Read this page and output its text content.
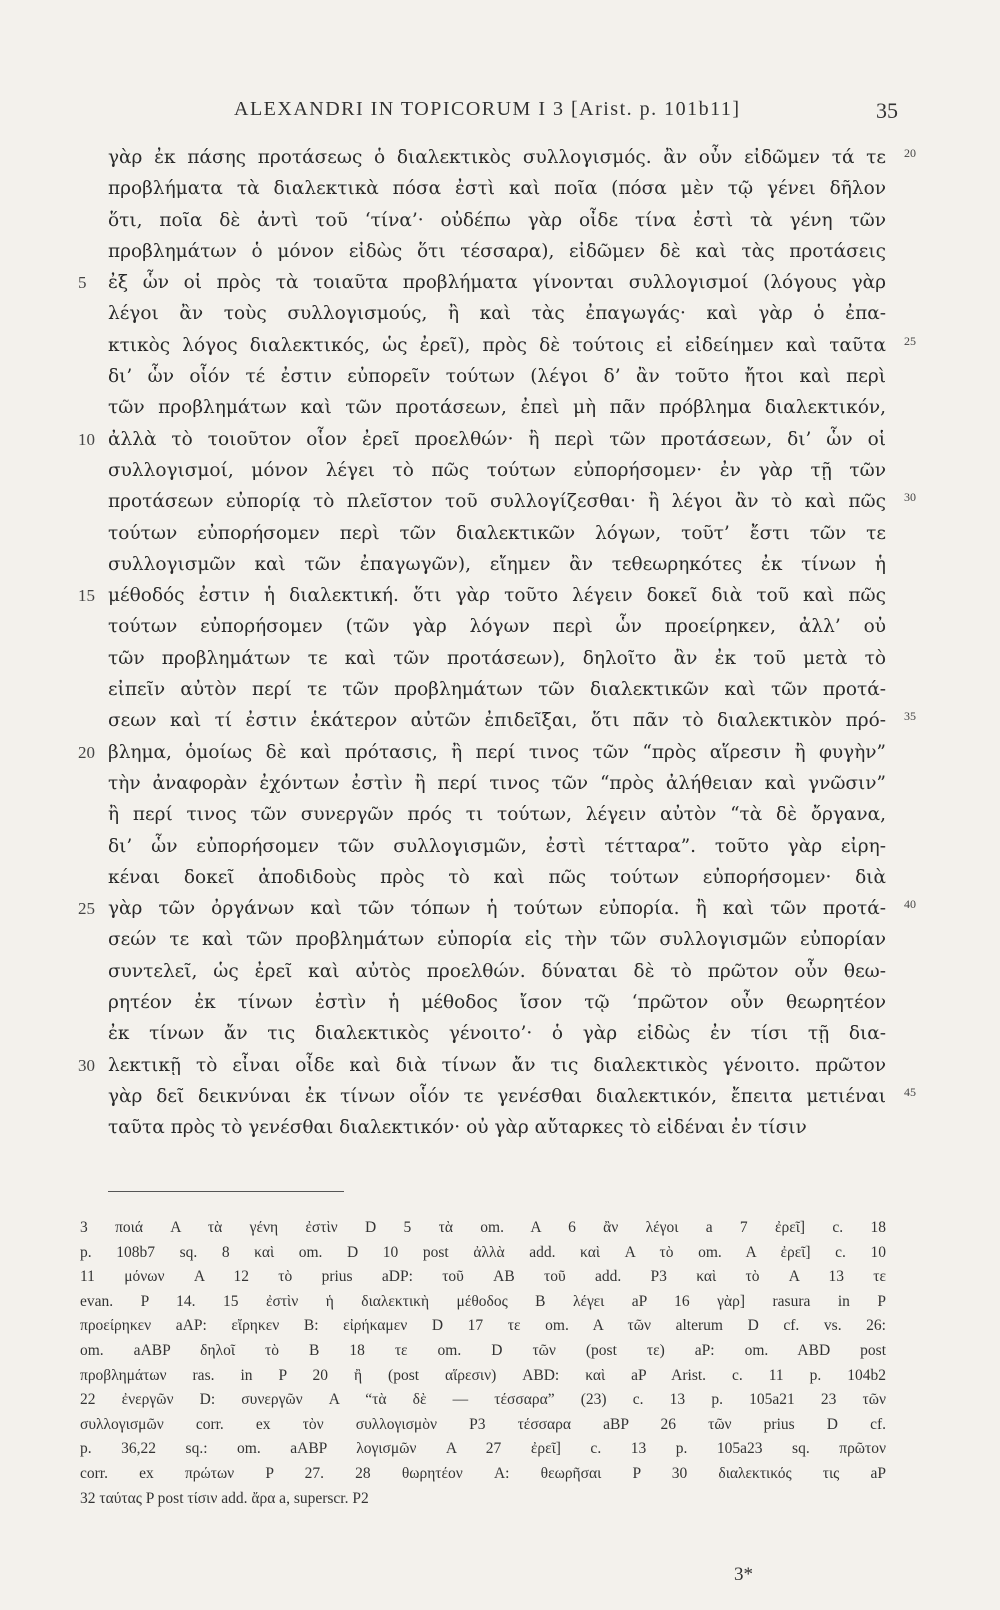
ALEXANDRI IN TOPICORUM I 3 [Arist. p. 101b11]	35
γὰρ ἐκ πάσης προτάσεως ὁ διαλεκτικὸς συλλογισμός. ἂν οὖν εἰδῶμεν τά τε 20
προβλήματα τὰ διαλεκτικὰ πόσα ἐστὶ καὶ ποῖα (πόσα μὲν τῷ γένει δῆλον
ὅτι, ποῖα δὲ ἀντὶ τοῦ ‘τίνα’· οὐδέπω γὰρ οἶδε τίνα ἐστὶ τὰ γένη τῶν
προβλημάτων ὁ μόνον εἰδὼς ὅτι τέσσαρα), εἰδῶμεν δὲ καὶ τὰς προτάσεις
ἐξ ὧν οἱ πρὸς τὰ τοιαῦτα προβλήματα γίνονται συλλογισμοί (λόγους γὰρ
5
λέγοι ἂν τοὺς συλλογισμούς, ἢ καὶ τὰς ἐπαγωγάς· καὶ γὰρ ὁ ἐπα-
κτικὸς λόγος διαλεκτικός, ὡς ἐρεῖ), πρὸς δὲ τούτοις εἰ εἰδείημεν καὶ ταῦτα 25
δι’ ὧν οἷόν τέ ἐστιν εὐπορεῖν τούτων (λέγοι δ’ ἂν τοῦτο ἤτοι καὶ περὶ
τῶν προβλημάτων καὶ τῶν προτάσεων, ἐπεὶ μὴ πᾶν πρόβλημα διαλεκτικόν,
ἀλλὰ τὸ τοιοῦτον οἷον ἐρεῖ προελθών· ἢ περὶ τῶν προτάσεων, δι’ ὧν οἱ
10
συλλογισμοί, μόνον λέγει τὸ πῶς τούτων εὐπορήσομεν· ἐν γὰρ τῇ τῶν
προτάσεων εὐπορίᾳ τὸ πλεῖστον τοῦ συλλογίζεσθαι· ἢ λέγοι ἂν τὸ καὶ πῶς 30
τούτων εὐπορήσομεν περὶ τῶν διαλεκτικῶν λόγων, τοῦτ’ ἔστι τῶν τε
συλλογισμῶν καὶ τῶν ἐπαγωγῶν), εἴημεν ἂν τεθεωρηκότες ἐκ τίνων ἡ
μέθοδός ἐστιν ἡ διαλεκτική. ὅτι γὰρ τοῦτο λέγειν δοκεῖ διὰ τοῦ καὶ πῶς
15
τούτων εὐπορήσομεν (τῶν γὰρ λόγων περὶ ὧν προείρηκεν, ἀλλ’ οὐ
τῶν προβλημάτων τε καὶ τῶν προτάσεων), δηλοῖτο ἂν ἐκ τοῦ μετὰ τὸ
εἰπεῖν αὐτὸν περί τε τῶν προβλημάτων τῶν διαλεκτικῶν καὶ τῶν προτά-
σεων καὶ τί ἐστιν ἑκάτερον αὐτῶν ἐπιδεῖξαι, ὅτι πᾶν τὸ διαλεκτικὸν πρό- 35
βλημα, ὁμοίως δὲ καὶ πρότασις, ἢ περί τινος τῶν “πρὸς αἵρεσιν ἢ φυγὴν”
20
τὴν ἀναφορὰν ἐχόντων ἐστὶν ἢ περί τινος τῶν “πρὸς ἀλήθειαν καὶ γνῶσιν”
ἢ περί τινος τῶν συνεργῶν πρός τι τούτων, λέγειν αὐτὸν “τὰ δὲ ὄργανα,
δι’ ὧν εὐπορήσομεν τῶν συλλογισμῶν, ἐστὶ τέτταρα”. τοῦτο γὰρ εἰρη-
κέναι δοκεῖ ἀποδιδοὺς πρὸς τὸ καὶ πῶς τούτων εὐπορήσομεν· διὰ
γὰρ τῶν ὀργάνων καὶ τῶν τόπων ἡ τούτων εὐπορία. ἢ καὶ τῶν προτά-
25	40
σεών τε καὶ τῶν προβλημάτων εὐπορία εἰς τὴν τῶν συλλογισμῶν εὐπορίαν
συντελεῖ, ὡς ἐρεῖ καὶ αὐτὸς προελθών. δύναται δὲ τὸ πρῶτον οὖν θεω-
ρητέον ἐκ τίνων ἐστὶν ἡ μέθοδος ἴσον τῷ ‘πρῶτον οὖν θεωρητέον
ἐκ τίνων ἄν τις διαλεκτικὸς γένοιτο’· ὁ γὰρ εἰδὼς ἐν τίσι τῇ δια-
λεκτικῇ τὸ εἶναι οἶδε καὶ διὰ τίνων ἄν τις διαλεκτικὸς γένοιτο. πρῶτον
30
γὰρ δεῖ δεικνύναι ἐκ τίνων οἷόν τε γενέσθαι διαλεκτικόν, ἔπειτα μετιέναι 45
ταῦτα πρὸς τὸ γενέσθαι διαλεκτικόν· οὐ γὰρ αὔταρκες τὸ εἰδέναι ἐν τίσιν
3 ποιά A τὰ γένη ἐστὶν D 5 τὰ om. A 6 ἂν λέγοι a 7 ἐρεῖ] c. 18
p. 108b7 sq. 8 καὶ om. D 10 post ἀλλὰ add. καὶ A τὸ om. A ἐρεῖ] c. 10
11 μόνων A 12 τὸ prius aDP: τοῦ AB τοῦ add. P3 καὶ τὸ A 13 τε
evan. P 14. 15 ἐστὶν ἡ διαλεκτικὴ μέθοδος B λέγει aP 16 γὰρ] rasura in P
προείρηκεν aAP: εἴρηκεν B: εἰρήκαμεν D 17 τε om. A τῶν alterum D cf. vs. 26:
om. aABP δηλοῖ τὸ B 18 τε om. D τῶν (post τε) aP: om. ABD post
προβλημάτων ras. in P 20 ἢ (post αἵρεσιν) ABD: καὶ aP Arist. c. 11 p. 104b2
22 ἐνεργῶν D: συνεργῶν A “τὰ δὲ — τέσσαρα” (23) c. 13 p. 105a21 23 τῶν
συλλογισμῶν corr. ex τὸν συλλογισμὸν P3 τέσσαρα aBP 26 τῶν prius D cf.
p. 36,22 sq.: om. aABP λογισμῶν A 27 ἐρεῖ] c. 13 p. 105a23 sq. πρῶτον
corr. ex πρώτων P 27. 28 θωρητέον A: θεωρῆσαι P 30 διαλεκτικός τις aP
32 ταύτας P post τίσιν add. ἄρα a, superscr. P2
3*
